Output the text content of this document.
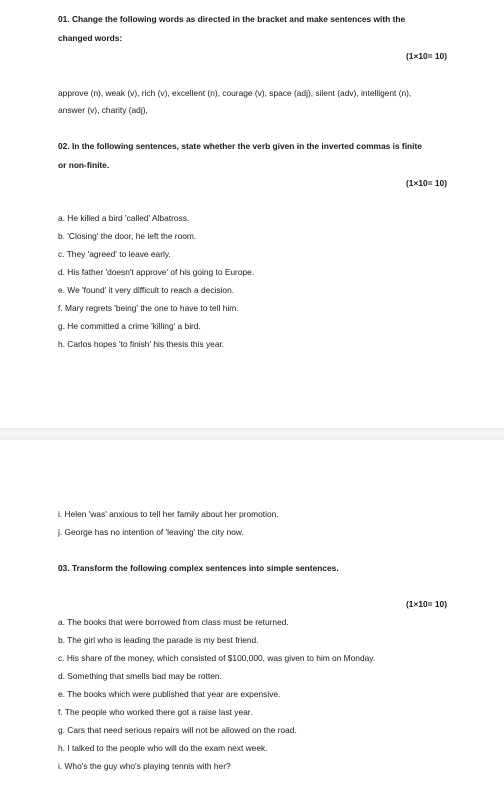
01. Change the following words as directed in the bracket and make sentences with the
changed words:
(1×10= 10)
approve (n), weak (v), rich (v), excellent (n), courage (v), space (adj), silent (adv), intelligent (n),
answer (v), charity (adj),
02. In the following sentences, state whether the verb given in the inverted commas is finite
or non-finite.
(1×10= 10)
a. He killed a bird 'called' Albatross.
b. 'Closing' the door, he left the room.
c. They 'agreed' to leave early.
d. His father 'doesn't approve' of his going to Europe.
e. We 'found' it very difficult to reach a decision.
f. Mary regrets 'being' the one to have to tell him.
g. He committed a crime 'killing' a bird.
h. Carlos hopes 'to finish' his thesis this year.
i. Helen 'was' anxious to tell her family about her promotion.
j. George has no intention of 'leaving' the city now.
03. Transform the following complex sentences into simple sentences.
(1×10= 10)
a. The books that were borrowed from class must be returned.
b. The girl who is leading the parade is my best friend.
c. His share of the money, which consisted of $100,000, was given to him on Monday.
d. Something that smells bad may be rotten.
e. The books which were published that year are expensive.
f. The people who worked there got a raise last year.
g. Cars that need serious repairs will not be allowed on the road.
h. I talked to the people who will do the exam next week.
i. Who's the guy who's playing tennis with her?
